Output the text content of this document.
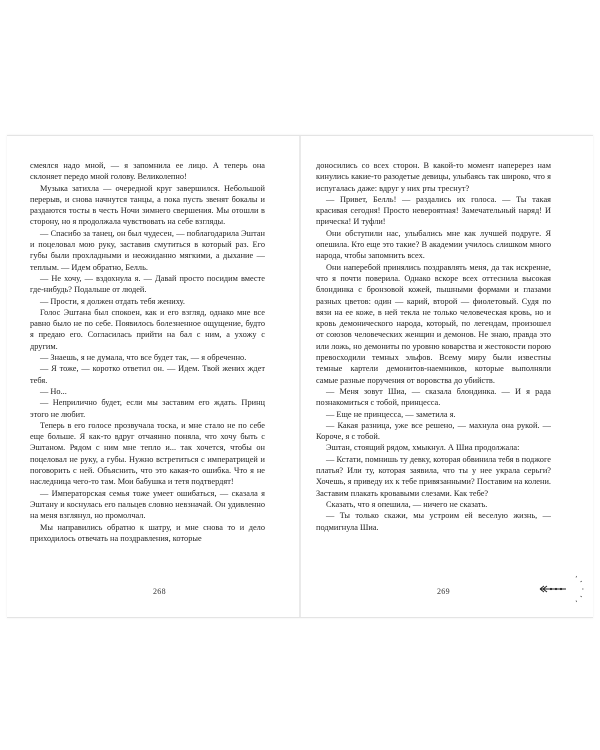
смеялся надо мной, — я запомнила ее лицо. А теперь она склоняет передо мной голову. Великолепно!

Музыка затихла — очередной круг завершился. Небольшой перерыв, и снова начнутся танцы, а пока пусть звенят бокалы и раздаются тосты в честь Ночи зимнего свершения. Мы отошли в сторону, но я продолжала чувствовать на себе взгляды.

— Спасибо за танец, он был чудесен, — поблагодарила Эштан и поцеловал мою руку, заставив смутиться в который раз. Его губы были прохладными и неожиданно мягкими, а дыхание — теплым. — Идем обратно, Белль.

— Не хочу, — вздохнула я. — Давай просто посидим вместе где-нибудь? Подальше от людей.

— Прости, я должен отдать тебя жениху.

Голос Эштана был спокоен, как и его взгляд, однако мне все равно было не по себе. Появилось болезненное ощущение, будто я предаю его. Согласилась прийти на бал с ним, а ухожу с другим.

— Знаешь, я не думала, что все будет так, — я обреченно.

— Я тоже, — коротко ответил он. — Идем. Твой жених ждет тебя.

— Но...

— Неприлично будет, если мы заставим его ждать. Принц этого не любит.

Теперь в его голосе прозвучала тоска, и мне стало не по себе еще больше. Я как-то вдруг отчаянно поняла, что хочу быть с Эштаном. Рядом с ним мне тепло и... так хочется, чтобы он поцеловал не руку, а губы. Нужно встретиться с императрицей и поговорить с ней. Объяснить, что это какая-то ошибка. Что я не наследница чего-то там. Мои бабушка и тетя подтвердят!

— Императорская семья тоже умеет ошибаться, — сказала я Эштану и коснулась его пальцев словно невзначай. Он удивленно на меня взглянул, но промолчал.

Мы направились обратно к шатру, и мне снова то и дело приходилось отвечать на поздравления, которые

доносились со всех сторон. В какой-то момент наперерез нам кинулись какие-то разодетые девицы, улыбаясь так широко, что я испугалась даже: вдруг у них рты треснут?

— Привет, Белль! — раздались их голоса. — Ты такая красивая сегодня! Просто невероятная! Замечательный наряд! И прическа! И туфли!

Они обступили нас, улыбались мне как лучшей подруге. Я опешила. Кто еще это такие? В академии училось слишком много народа, чтобы запомнить всех.

Они наперебой принялись поздравлять меня, да так искренне, что я почти поверила. Однако вскоре всех оттеснила высокая блондинка с бронзовой кожей, пышными формами и глазами разных цветов: один — карий, второй — фиолетовый. Судя по вязи на ее коже, в ней текла не только человеческая кровь, но и кровь демонического народа, который, по легендам, произошел от союзов человеческих женщин и демонов. Не знаю, правда это или ложь, но демониты по уровню коварства и жестокости порою превосходили темных эльфов. Всему миру были известны темные картели демонитов-наемников, которые выполняли самые разные поручения от воровства до убийств.

— Меня зовут Шиа, — сказала блондинка. — И я рада познакомиться с тобой, принцесса.

— Еще не принцесса, — заметила я.

— Какая разница, уже все решено, — махнула она рукой. — Короче, я с тобой.

Эштан, стоящий рядом, хмыкнул. А Шиа продолжала:

— Кстати, помнишь ту девку, которая обвинила тебя в поджоге платья? Или ту, которая заявила, что ты у нее украла серьги? Хочешь, я приведу их к тебе привязанными? Поставим на колени. Заставим плакать кровавыми слезами. Как тебе?

Сказать, что я опешила, — ничего не сказать.

— Ты только скажи, мы устроим ей веселую жизнь, — подмигнула Шиа.

268	269
